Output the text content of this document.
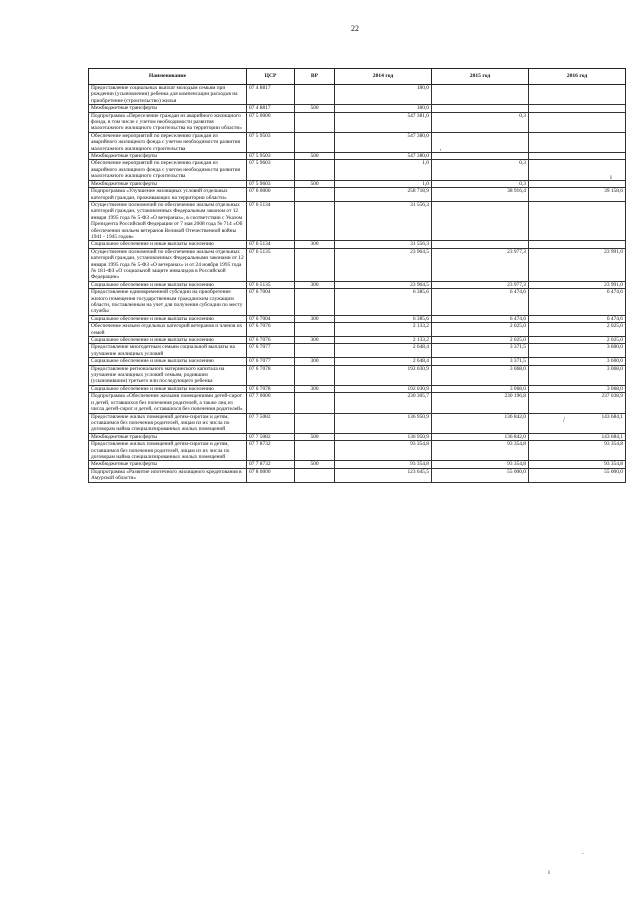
22
Наименование	ЦСР	ВР	2014 год	2015 год	2016 год
Предоставление социальных выплат молодым семьям при рождении (усыновлении) ребенка для компенсации расходов на приобретение (строительство) жилья	07 4 8817		180,0		
Межбюджетные трансферты	07 4 8817	500	180,0		
Подпрограмма «Переселение граждан из аварийного жилищного фонда, в том числе с учетом необходимости развития малоэтажного жилищного строительства на территории области»	07 5 0000		547 381,0	0,3	
Обеспечение мероприятий по переселению граждан из аварийного жилищного фонда с учетом необходимости развития малоэтажного жилищного строительства	07 5 9503		547 380,0		
Межбюджетные трансферты	07 5 9503	500	547 380,0		
Обеспечение мероприятий по переселению граждан из аварийного жилищного фонда с учетом необходимости развития малоэтажного жилищного строительства	07 5 9603		1,0	0,3	
Межбюджетные трансферты	07 5 9603	500	1,0	0,3	
Подпрограмма «Улучшение жилищных условий отдельных категорий граждан, проживающих на территории области»	07 6 0000		258 718,9	38 916,4	39 158,6
Осуществление полномочий по обеспечению жильем отдельных категорий граждан, установленных Федеральным законом от 12 января 1995 года № 5-ФЗ «О ветеранах», в соответствии с Указом Президента Российской Федерации от 7 мая 2008 года № 714 «Об обеспечении жильем ветеранов Великой Отечественной войны 1941 - 1945 годов»	07 6 5134		31 556,3		
Социальное обеспечение и иные выплаты населению	07 6 5134	300	31 556,3		
Осуществление полномочий по обеспечению жильем отдельных категорий граждан, установленных Федеральными законами от 12 января 1995 года № 5-ФЗ «О ветеранах» и от 24 ноября 1995 года № 181-ФЗ «О социальной защите инвалидов в Российской Федерации»	07 6 5135		23 964,5	23 977,3	23 991,0
Социальное обеспечение и иные выплаты населению	07 6 5135	300	23 964,5	23 977,3	23 991,0
Предоставление единовременной субсидии на приобретение жилого помещения государственным гражданским служащим области, поставленным на учет для получения субсидии по месту службы	07 6 7004		6 385,6	6 474,6	6 474,6
Социальное обеспечение и иные выплаты населению	07 6 7004	300	6 385,6	6 474,6	6 474,6
Обеспечение жильем отдельных категорий ветеранов и членов их семей	07 6 7076		2 133,2	2 025,0	2 025,0
Социальное обеспечение и иные выплаты населению	07 6 7076	300	2 133,2	2 025,0	2 025,0
Предоставление многодетным семьям социальной выплаты на улучшение жилищных условий	07 6 7077		2 648,4	3 371,5	3 600,0
Социальное обеспечение и иные выплаты населению	07 6 7077	300	2 648,4	3 371,5	3 600,0
Предоставление регионального материнского капитала на улучшение жилищных условий семьям, родившим (усыновившим) третьего или последующего ребенка	07 6 7078		192 030,9	3 068,0	3 068,0
Социальное обеспечение и иные выплаты населению	07 6 7078	300	192 030,9	3 068,0	3 068,0
Подпрограмма «Обеспечение жилыми помещениями детей-сирот и детей, оставшихся без попечения родителей, а также лиц из числа детей-сирот и детей, оставшихся без попечения родителей»	07 7 0000		230 305,7	230 196,8	237 038,9
Предоставление жилых помещений детям-сиротам и детям, оставшимся без попечения родителей, лицам из их числа по договорам найма специализированных жилых помещений	07 7 5082		136 950,9	136 842,0	143 684,1
Межбюджетные трансферты	07 7 5082	500	136 950,9	136 842,0	143 684,1
Предоставление жилых помещений детям-сиротам и детям, оставшимся без попечения родителей, лицам из их числа по договорам найма специализированных жилых помещений	07 7 8732		93 354,8	93 354,8	93 354,8
Межбюджетные трансферты	07 7 8732	500	93 354,8	93 354,8	93 354,8
Подпрограмма «Развитие ипотечного жилищного кредитования в Амурской области»	07 8 0000		123 645,5	55 000,0	55 000,0
'
ı
/
.
ı
